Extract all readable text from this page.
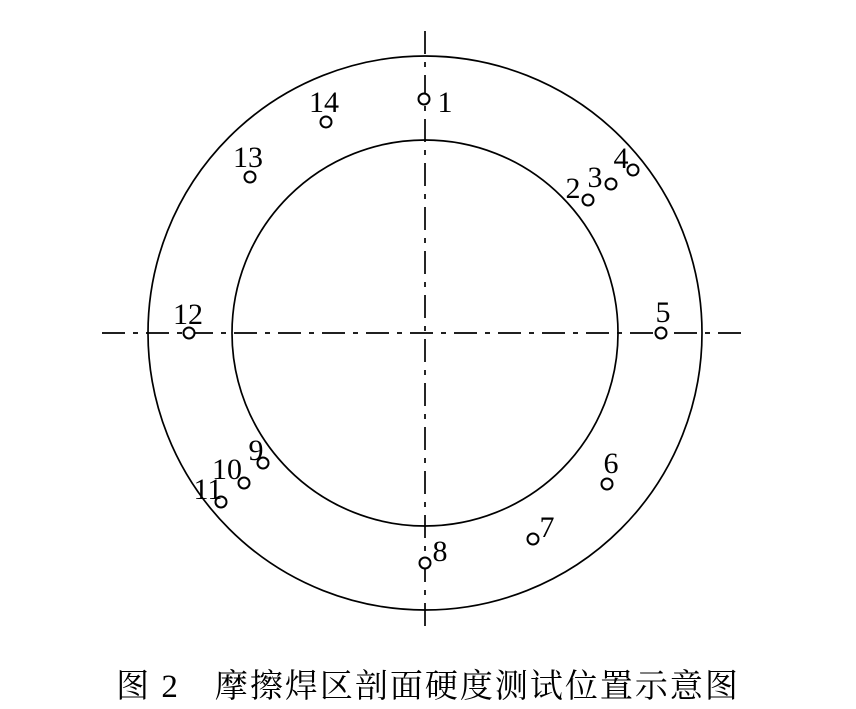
1
2 3
4
5
6
7
8
9
10
11
12
13
14
图 2　摩擦焊区剖面硬度测试位置示意图
